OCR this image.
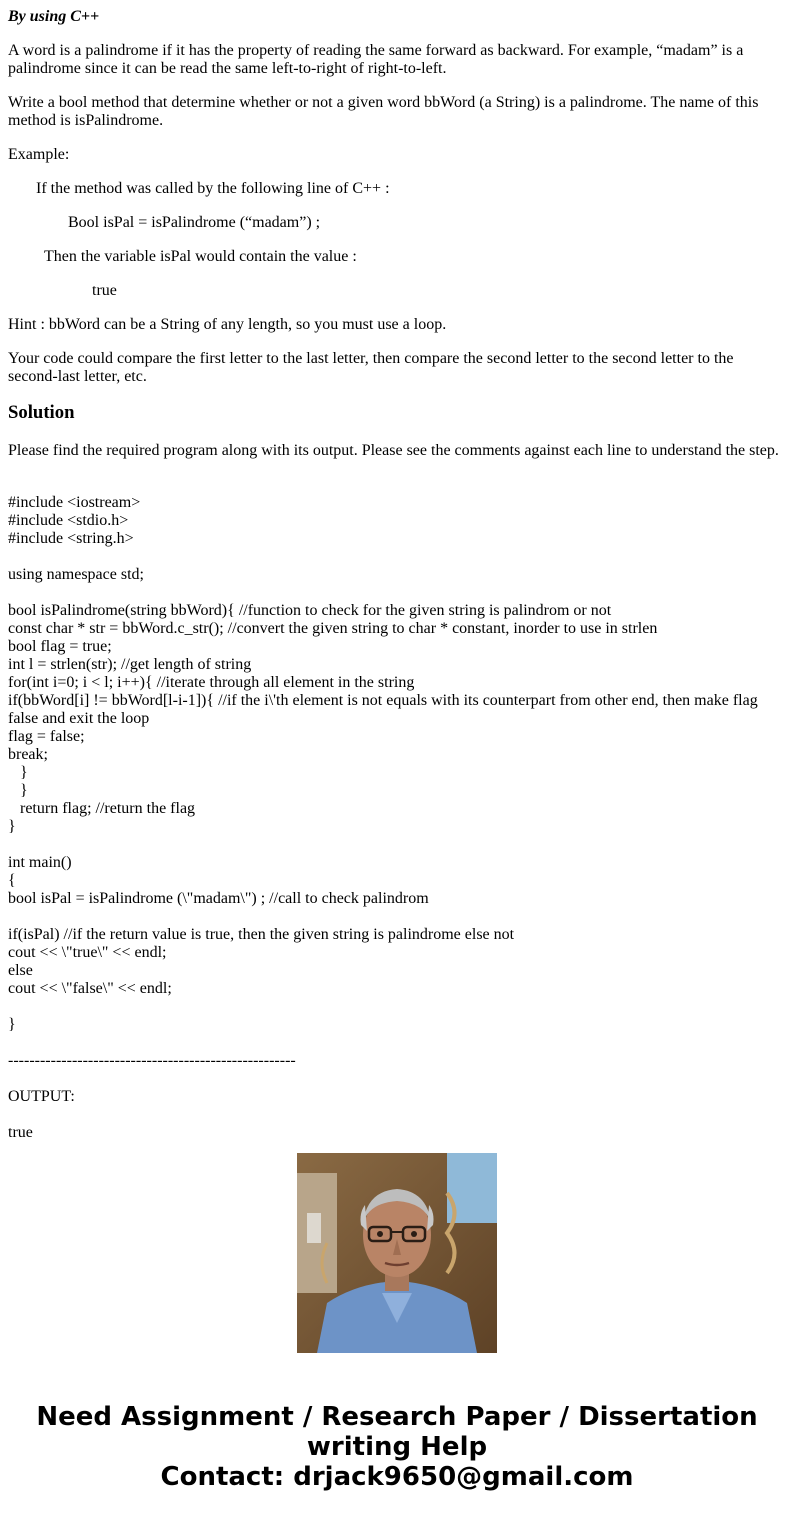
By using C++

A word is a palindrome if it has the property of reading the same forward as backward. For example, “madam” is a palindrome since it can be read the same left-to-right of right-to-left.

Write a bool method that determine whether or not a given word bbWord (a String) is a palindrome. The name of this method is isPalindrome.

Example:

If the method was called by the following line of C++ :

Bool isPal = isPalindrome (“madam”) ;

Then the variable isPal would contain the value :

true

Hint : bbWord can be a String of any length, so you must use a loop.

Your code could compare the first letter to the last letter, then compare the second letter to the second letter to the second-last letter, etc.

Solution

Please find the required program along with its output. Please see the comments against each line to understand the step.

#include <iostream>
#include <stdio.h>
#include <string.h>
using namespace std;
bool isPalindrome(string bbWord){ //function to check for the given string is palindrom or not
const char * str = bbWord.c_str(); //convert the given string to char * constant, inorder to use in strlen
bool flag = true;
int l = strlen(str); //get length of string
for(int i=0; i < l; i++){ //iterate through all element in the string
if(bbWord[i] != bbWord[l-i-1]){ //if the i\'th element is not equals with its counterpart from other end, then make flag false and exit the loop
flag = false;
break;
}
}
return flag; //return the flag
}
int main()
{
bool isPal = isPalindrome (\"madam\") ; //call to check palindrom
if(isPal) //if the return value is true, then the given string is palindrome else not
cout << \"true\" << endl;
else
cout << \"false\" << endl;
}
------------------------------------------------------
OUTPUT:
true
Need Assignment / Research Paper / Dissertation writing Help
Contact: drjack9650@gmail.com
